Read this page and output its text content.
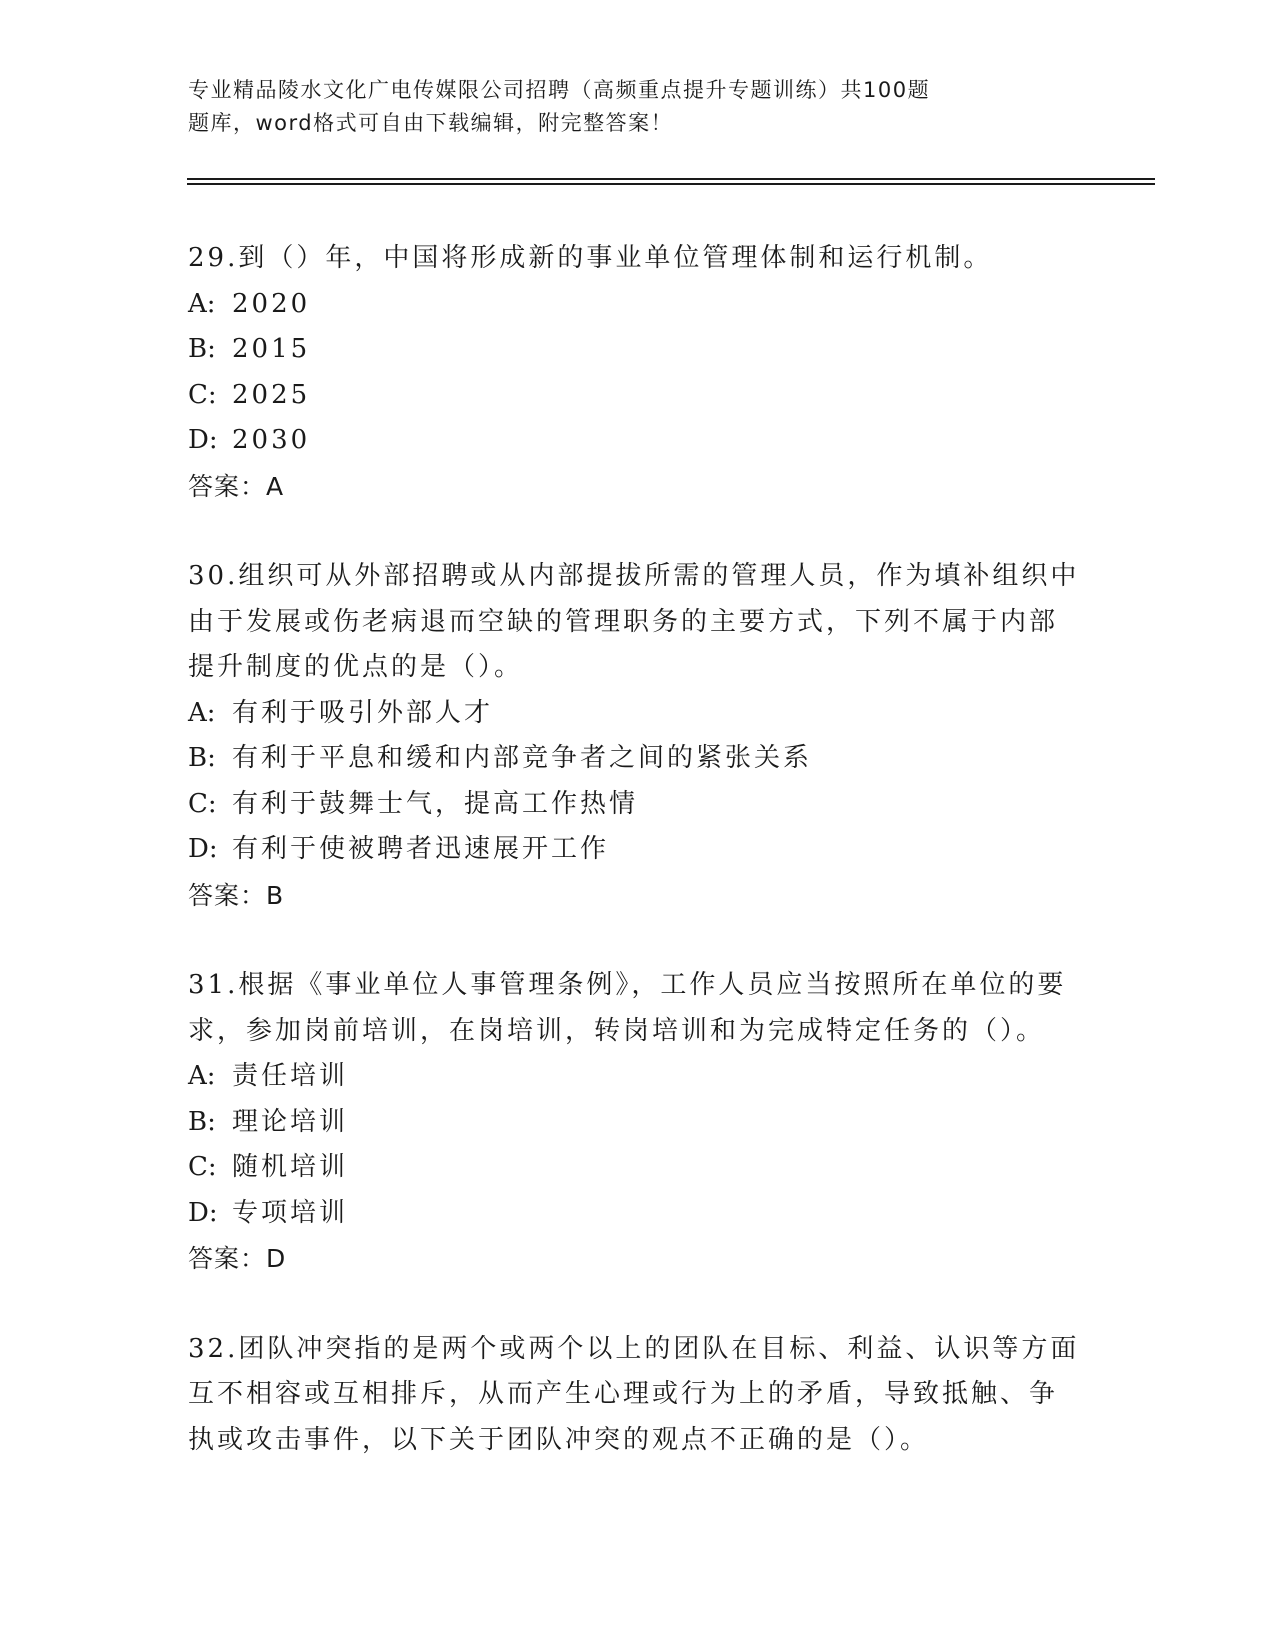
专业精品陵水文化广电传媒限公司招聘（高频重点提升专题训练）共100题
题库，word格式可自由下载编辑，附完整答案！
29.到（）年，中国将形成新的事业单位管理体制和运行机制。
A: 2020
B: 2015
C: 2025
D: 2030
答案：A
30.组织可从外部招聘或从内部提拔所需的管理人员，作为填补组织中
由于发展或伤老病退而空缺的管理职务的主要方式，下列不属于内部
提升制度的优点的是（）。
A: 有利于吸引外部人才
B: 有利于平息和缓和内部竞争者之间的紧张关系
C: 有利于鼓舞士气，提高工作热情
D: 有利于使被聘者迅速展开工作
答案：B
31.根据《事业单位人事管理条例》，工作人员应当按照所在单位的要
求，参加岗前培训，在岗培训，转岗培训和为完成特定任务的（）。
A: 责任培训
B: 理论培训
C: 随机培训
D: 专项培训
答案：D
32.团队冲突指的是两个或两个以上的团队在目标、利益、认识等方面
互不相容或互相排斥，从而产生心理或行为上的矛盾，导致抵触、争
执或攻击事件，以下关于团队冲突的观点不正确的是（）。
